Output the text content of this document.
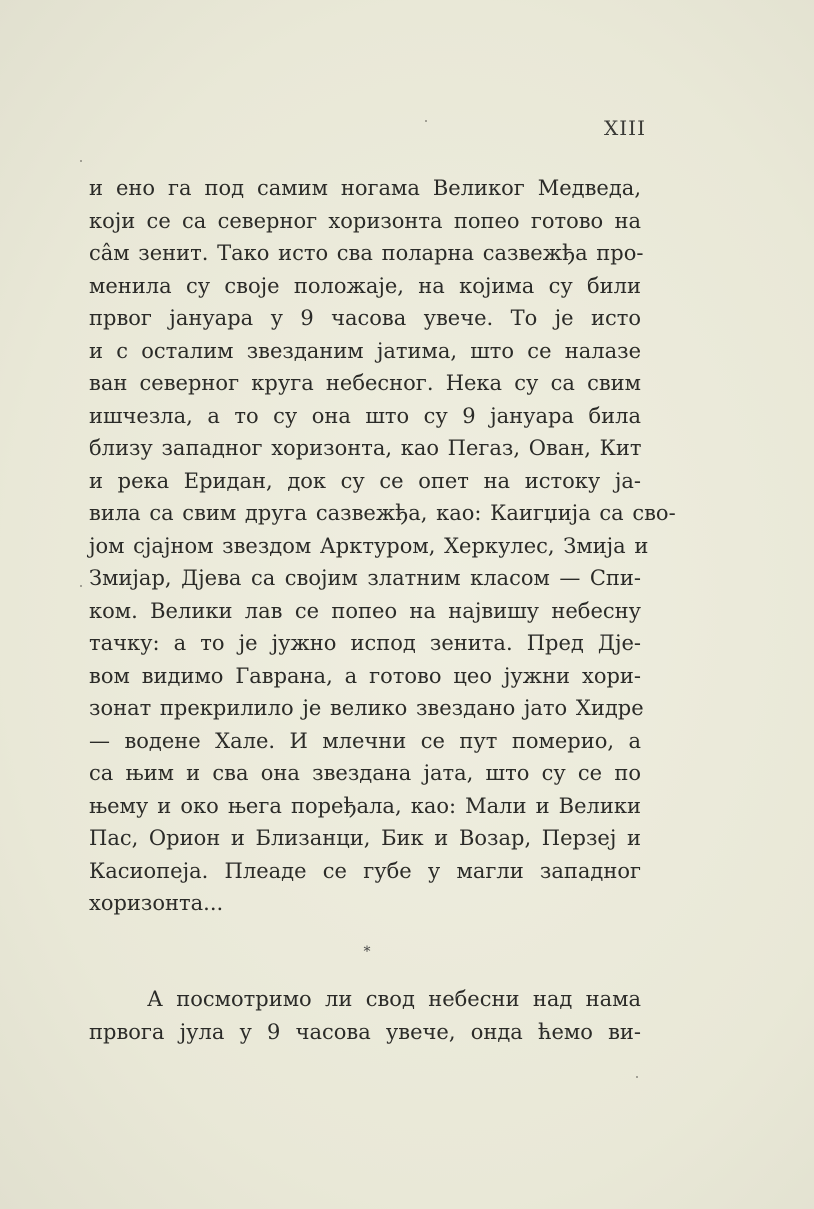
XIII
и ено га под самим ногама Великог Медведа,
који се са северног хоризонта попео готово на
сâм зенит. Тако исто сва поларна сазвежђа про-
менила су своје положаје, на којима су били
првог јануара у 9 часова увече. То је исто
и с осталим звезданим јатима, што се налазе
ван северног круга небесног. Нека су са свим
ишчезла, а то су она што су 9 јануара била
близу западног хоризонта, као Пегаз, Ован, Кит
и река Еридан, док су се опет на истоку ја-
вила са свим друга сазвежђа, као: Каигџија са сво-
јом сјајном звездом Арктуром, Херкулес, Змија и
Змијар, Дјева са својим златним класом — Спи-
ком. Велики лав се попео на највишу небесну
тачку: а то је јужно испод зенита. Пред Дје-
вом видимо Гаврана, а готово цео јужни хори-
зонат прекрилило је велико звездано јато Хидре
— водене Хале. И млечни се пут померио, а
са њим и сва она звездана јата, што су се по
њему и око њега поређала, као: Мали и Велики
Пас, Орион и Близанци, Бик и Возар, Перзеј и
Касиопеја. Плеаде се губе у магли западног
хоризонта...
*
А посмотримо ли свод небесни над нама
првога јула у 9 часова увече, онда ћемо ви-
